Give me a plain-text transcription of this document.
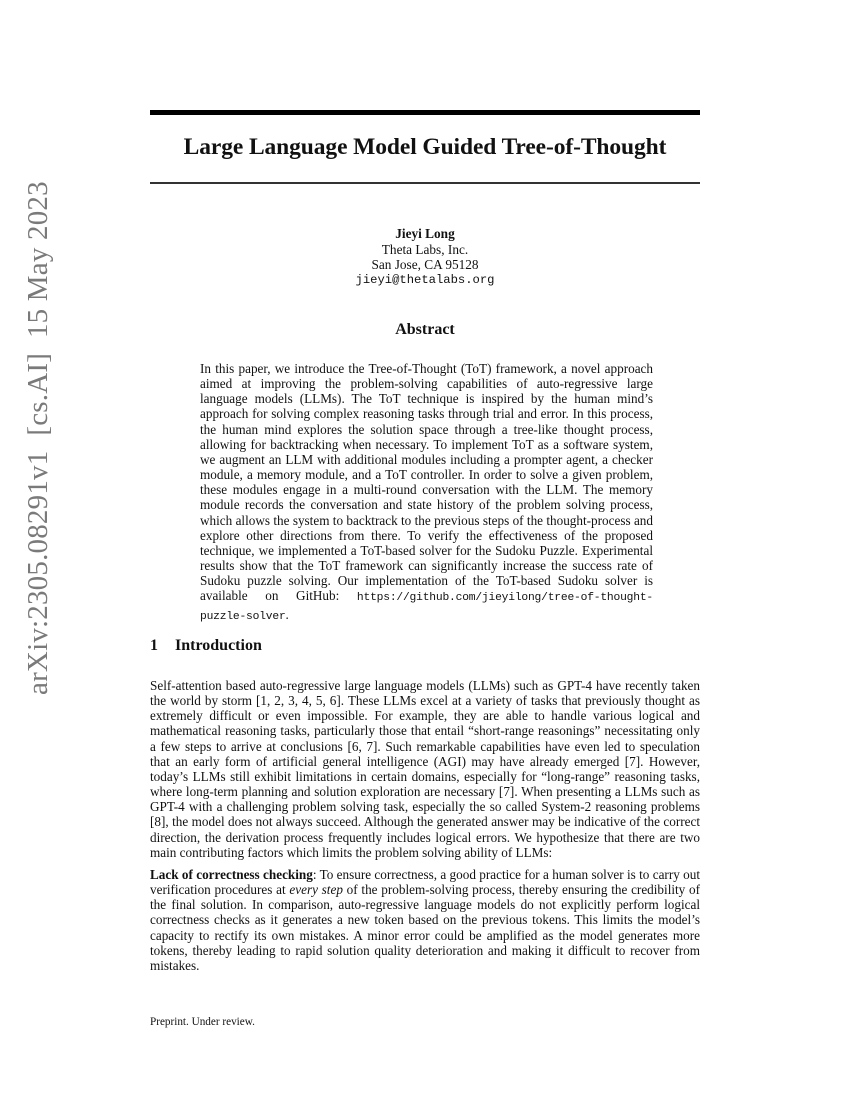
arXiv:2305.08291v1  [cs.AI]  15 May 2023
Large Language Model Guided Tree-of-Thought
Jieyi Long
Theta Labs, Inc.
San Jose, CA 95128
jieyi@thetalabs.org
Abstract
In this paper, we introduce the Tree-of-Thought (ToT) framework, a novel approach aimed at improving the problem-solving capabilities of auto-regressive large language models (LLMs). The ToT technique is inspired by the human mind’s approach for solving complex reasoning tasks through trial and error. In this process, the human mind explores the solution space through a tree-like thought process, allowing for backtracking when necessary. To implement ToT as a software system, we augment an LLM with additional modules including a prompter agent, a checker module, a memory module, and a ToT controller. In order to solve a given problem, these modules engage in a multi-round conversation with the LLM. The memory module records the conversation and state history of the problem solving process, which allows the system to backtrack to the previous steps of the thought-process and explore other directions from there. To verify the effectiveness of the proposed technique, we implemented a ToT-based solver for the Sudoku Puzzle. Experimental results show that the ToT framework can significantly increase the success rate of Sudoku puzzle solving. Our implementation of the ToT-based Sudoku solver is available on GitHub: https://github.com/jieyilong/tree-of-thought-puzzle-solver.
1 Introduction

Self-attention based auto-regressive large language models (LLMs) such as GPT-4 have recently taken the world by storm [1, 2, 3, 4, 5, 6]. These LLMs excel at a variety of tasks that previously thought as extremely difficult or even impossible. For example, they are able to handle various logical and mathematical reasoning tasks, particularly those that entail “short-range reasonings” necessitating only a few steps to arrive at conclusions [6, 7]. Such remarkable capabilities have even led to speculation that an early form of artificial general intelligence (AGI) may have already emerged [7]. However, today’s LLMs still exhibit limitations in certain domains, especially for “long-range” reasoning tasks, where long-term planning and solution exploration are necessary [7]. When presenting a LLMs such as GPT-4 with a challenging problem solving task, especially the so called System-2 reasoning problems [8], the model does not always succeed. Although the generated answer may be indicative of the correct direction, the derivation process frequently includes logical errors. We hypothesize that there are two main contributing factors which limits the problem solving ability of LLMs:

Lack of correctness checking: To ensure correctness, a good practice for a human solver is to carry out verification procedures at every step of the problem-solving process, thereby ensuring the credibility of the final solution. In comparison, auto-regressive language models do not explicitly perform logical correctness checks as it generates a new token based on the previous tokens. This limits the model’s capacity to rectify its own mistakes. A minor error could be amplified as the model generates more tokens, thereby leading to rapid solution quality deterioration and making it difficult to recover from mistakes.

Preprint. Under review.
